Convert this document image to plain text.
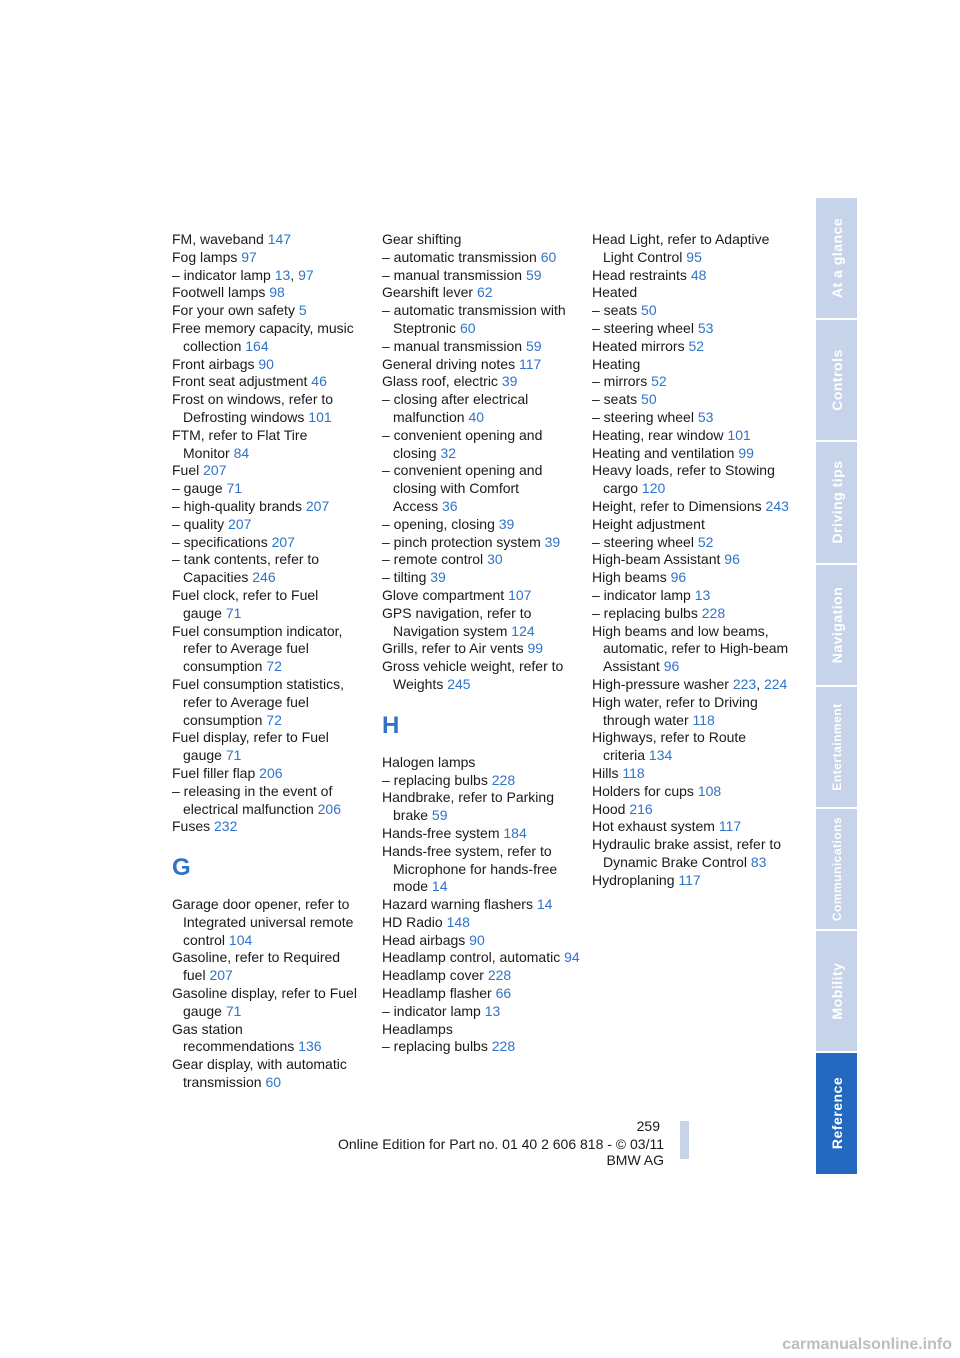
FM, waveband 147
Fog lamps 97
– indicator lamp 13, 97
Footwell lamps 98
For your own safety 5
Free memory capacity, music collection 164
Front airbags 90
Front seat adjustment 46
Frost on windows, refer to Defrosting windows 101
FTM, refer to Flat Tire Monitor 84
Fuel 207
– gauge 71
– high-quality brands 207
– quality 207
– specifications 207
– tank contents, refer to Capacities 246
Fuel clock, refer to Fuel gauge 71
Fuel consumption indicator, refer to Average fuel consumption 72
Fuel consumption statistics, refer to Average fuel consumption 72
Fuel display, refer to Fuel gauge 71
Fuel filler flap 206
– releasing in the event of electrical malfunction 206
Fuses 232
G
Garage door opener, refer to Integrated universal remote control 104
Gasoline, refer to Required fuel 207
Gasoline display, refer to Fuel gauge 71
Gas station recommendations 136
Gear display, with automatic transmission 60
Gear shifting
– automatic transmission 60
– manual transmission 59
Gearshift lever 62
– automatic transmission with Steptronic 60
– manual transmission 59
General driving notes 117
Glass roof, electric 39
– closing after electrical malfunction 40
– convenient opening and closing 32
– convenient opening and closing with Comfort Access 36
– opening, closing 39
– pinch protection system 39
– remote control 30
– tilting 39
Glove compartment 107
GPS navigation, refer to Navigation system 124
Grills, refer to Air vents 99
Gross vehicle weight, refer to Weights 245
H
Halogen lamps
– replacing bulbs 228
Handbrake, refer to Parking brake 59
Hands-free system 184
Hands-free system, refer to Microphone for hands-free mode 14
Hazard warning flashers 14
HD Radio 148
Head airbags 90
Headlamp control, automatic 94
Headlamp cover 228
Headlamp flasher 66
– indicator lamp 13
Headlamps
– replacing bulbs 228
Head Light, refer to Adaptive Light Control 95
Head restraints 48
Heated
– seats 50
– steering wheel 53
Heated mirrors 52
Heating
– mirrors 52
– seats 50
– steering wheel 53
Heating, rear window 101
Heating and ventilation 99
Heavy loads, refer to Stowing cargo 120
Height, refer to Dimensions 243
Height adjustment
– steering wheel 52
High-beam Assistant 96
High beams 96
– indicator lamp 13
– replacing bulbs 228
High beams and low beams, automatic, refer to High-beam Assistant 96
High-pressure washer 223, 224
High water, refer to Driving through water 118
Highways, refer to Route criteria 134
Hills 118
Holders for cups 108
Hood 216
Hot exhaust system 117
Hydraulic brake assist, refer to Dynamic Brake Control 83
Hydroplaning 117
At a glance
Controls
Driving tips
Navigation
Entertainment
Communications
Mobility
Reference
259
Online Edition for Part no. 01 40 2 606 818 - © 03/11 BMW AG
carmanualsonline.info
